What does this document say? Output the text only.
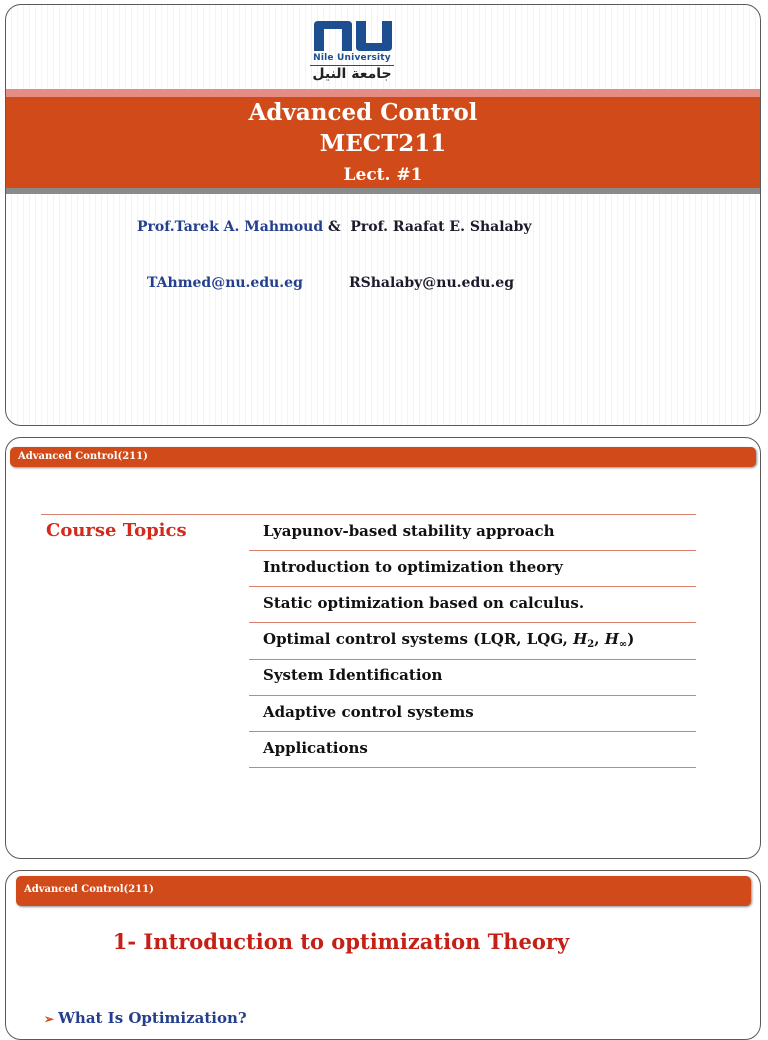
Nile University
جامعة النيل
Advanced Control
MECT211
Lect. #1
Prof.Tarek A. Mahmoud & Prof. Raafat E. Shalaby
TAhmed@nu.edu.eg	RShalaby@nu.edu.eg
Advanced Control(211)
Course Topics	Lyapunov-based stability approach
Introduction to optimization theory
Static optimization based on calculus.
Optimal control systems (LQR, LQG, $H_2$, $H_\infty$)
System Identification
Adaptive control systems
Applications
Advanced Control(211)
1- Introduction to optimization Theory
➢ What Is Optimization?
